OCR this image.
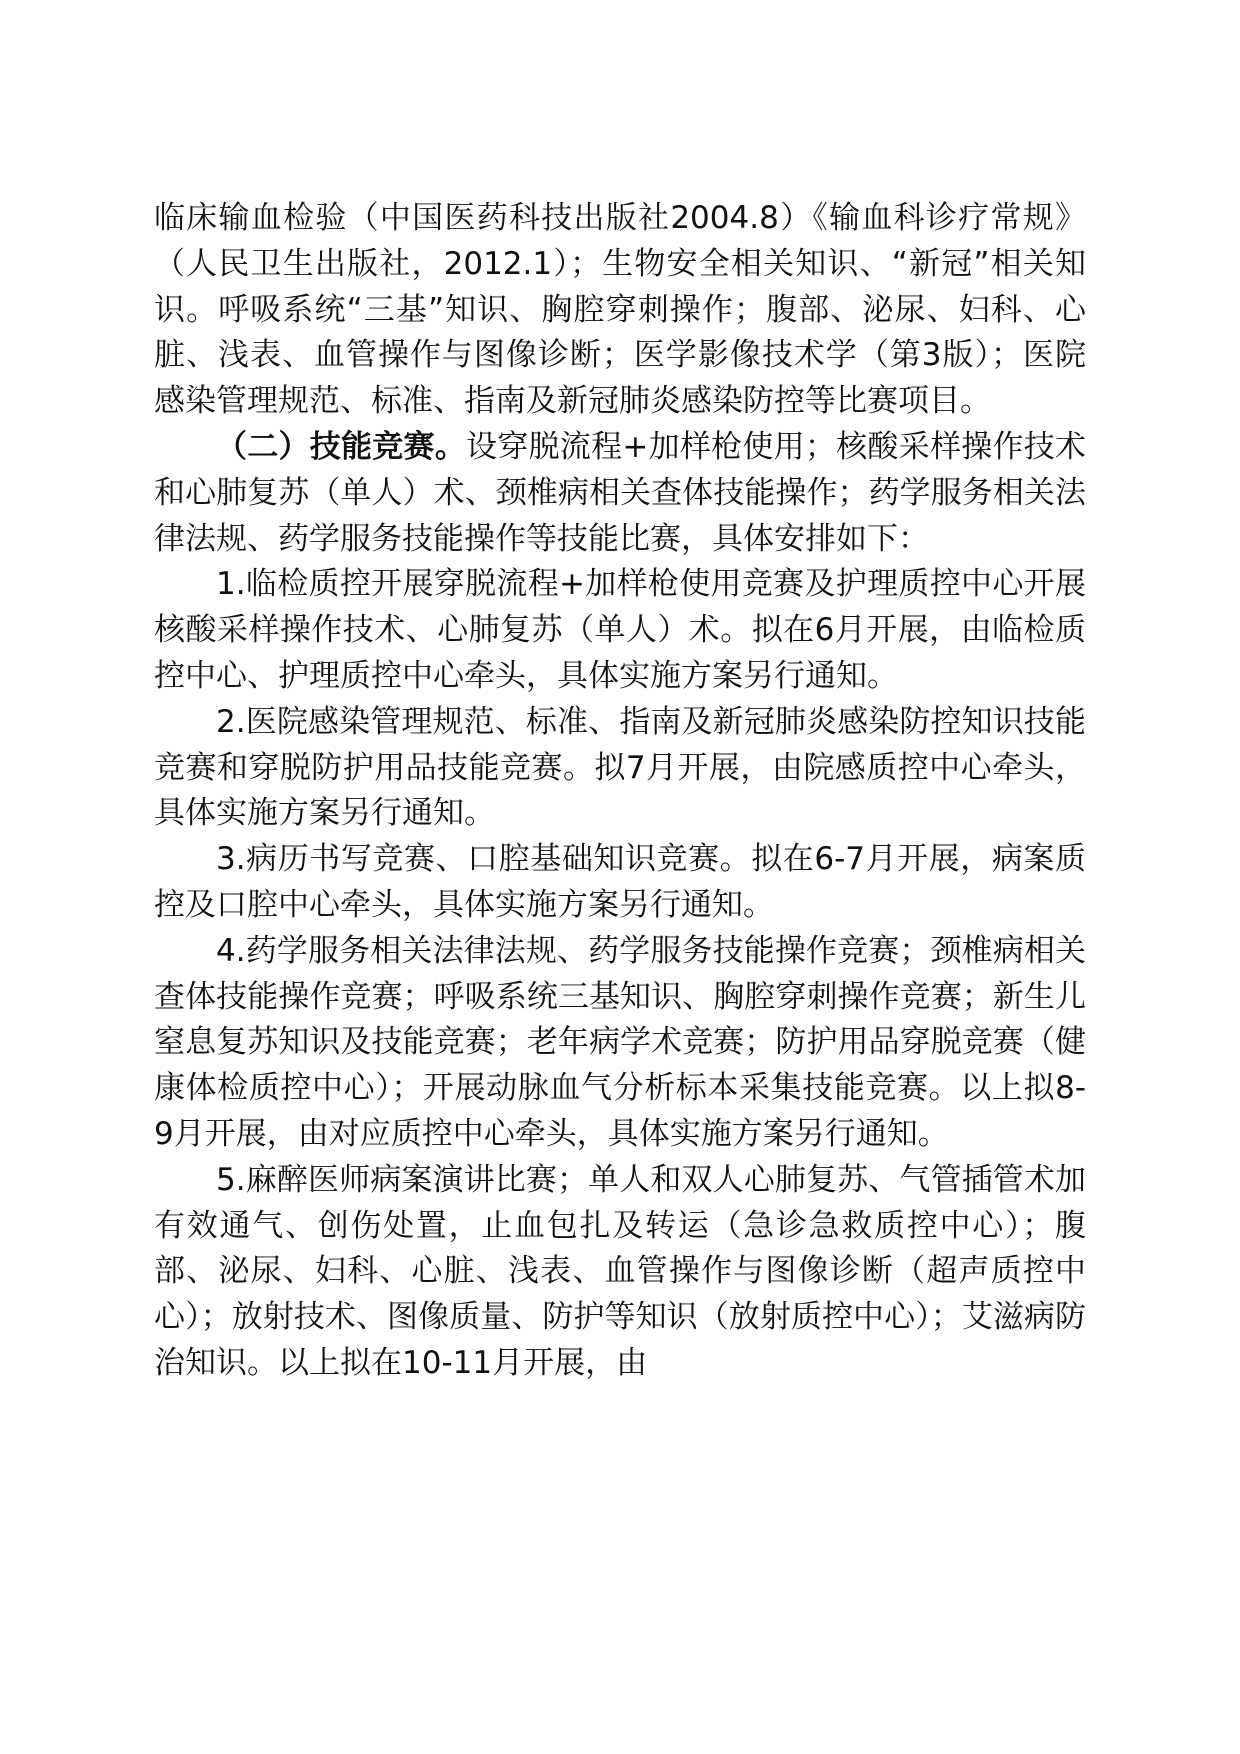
临床输血检验（中国医药科技出版社2004.8）《输血科诊疗常规》（人民卫生出版社，2012.1）；生物安全相关知识、“新冠”相关知识。呼吸系统“三基”知识、胸腔穿刺操作；腹部、泌尿、妇科、心脏、浅表、血管操作与图像诊断；医学影像技术学（第3版）；医院感染管理规范、标准、指南及新冠肺炎感染防控等比赛项目。

（二）技能竞赛。设穿脱流程+加样枪使用；核酸采样操作技术和心肺复苏（单人）术、颈椎病相关查体技能操作；药学服务相关法律法规、药学服务技能操作等技能比赛，具体安排如下：

1.临检质控开展穿脱流程+加样枪使用竞赛及护理质控中心开展核酸采样操作技术、心肺复苏（单人）术。拟在6月开展，由临检质控中心、护理质控中心牵头，具体实施方案另行通知。

2.医院感染管理规范、标准、指南及新冠肺炎感染防控知识技能竞赛和穿脱防护用品技能竞赛。拟7月开展，由院感质控中心牵头，具体实施方案另行通知。

3.病历书写竞赛、口腔基础知识竞赛。拟在6-7月开展，病案质控及口腔中心牵头，具体实施方案另行通知。

4.药学服务相关法律法规、药学服务技能操作竞赛；颈椎病相关查体技能操作竞赛；呼吸系统三基知识、胸腔穿刺操作竞赛；新生儿窒息复苏知识及技能竞赛；老年病学术竞赛；防护用品穿脱竞赛（健康体检质控中心）；开展动脉血气分析标本采集技能竞赛。以上拟8-9月开展，由对应质控中心牵头，具体实施方案另行通知。

5.麻醉医师病案演讲比赛；单人和双人心肺复苏、气管插管术加有效通气、创伤处置，止血包扎及转运（急诊急救质控中心）；腹部、泌尿、妇科、心脏、浅表、血管操作与图像诊断（超声质控中心）；放射技术、图像质量、防护等知识（放射质控中心）；艾滋病防治知识。以上拟在10-11月开展，由
